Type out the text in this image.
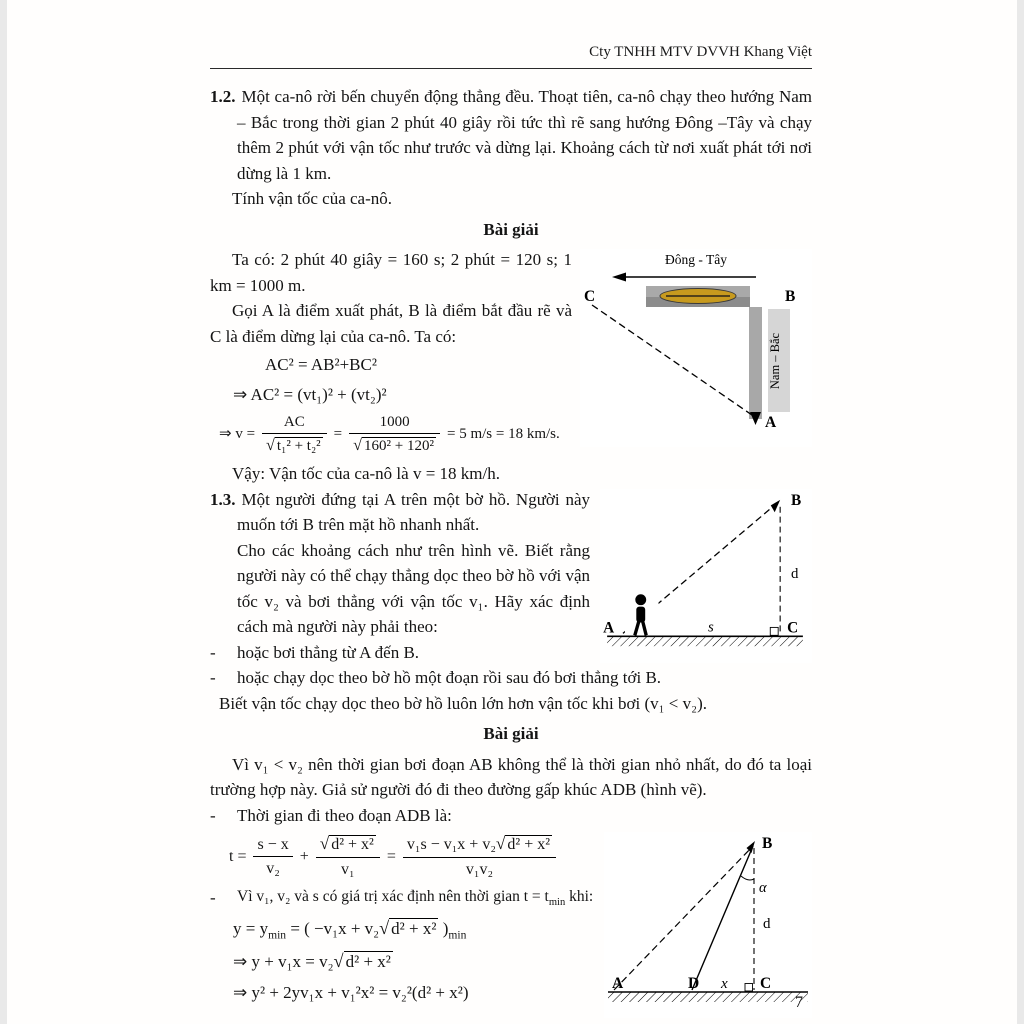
Cty TNHH MTV DVVH Khang Việt

1.2. Một ca-nô rời bến chuyển động thẳng đều. Thoạt tiên, ca-nô chạy theo hướng Nam – Bắc trong thời gian 2 phút 40 giây rồi tức thì rẽ sang hướng Đông –Tây và chạy thêm 2 phút với vận tốc như trước và dừng lại. Khoảng cách từ nơi xuất phát tới nơi dừng là 1 km.

Tính vận tốc của ca-nô.

Bài giải

Đông - Tây
C	B
Nam – Bắc
A

Ta có: 2 phút 40 giây = 160 s; 2 phút = 120 s; 1 km = 1000 m.

Gọi A là điểm xuất phát, B là điểm bắt đầu rẽ và C là điểm dừng lại của ca-nô. Ta có:

AC² = AB²+BC²

⇒ AC² = (vt₁)² + (vt₂)²

⇒ $v = \frac{AC}{\text{√ t₁² + t₂²}} = \frac{1000}{\text{√ 160² + 120²}} = 5$ m/s = 18 km/s.

Vậy: Vận tốc của ca-nô là v = 18 km/h.

B
d
A	s	C

1.3. Một người đứng tại A trên một bờ hồ. Người này muốn tới B trên mặt hồ nhanh nhất.
Cho các khoảng cách như trên hình vẽ. Biết rằng người này có thể chạy thẳng dọc theo bờ hồ với vận tốc v₂ và bơi thẳng với vận tốc v₁. Hãy xác định cách mà người này phải theo:

-	hoặc bơi thẳng từ A đến B.
-	hoặc chạy dọc theo bờ hồ một đoạn rồi sau đó bơi thẳng tới B.

Biết vận tốc chạy dọc theo bờ hồ luôn lớn hơn vận tốc khi bơi (v₁ < v₂).

Bài giải

Vì v₁ < v₂ nên thời gian bơi đoạn AB không thể là thời gian nhỏ nhất, do đó ta loại trường hợp này. Giả sử người đó đi theo đường gấp khúc ADB (hình vẽ).

-	Thời gian đi theo đoạn ADB là:
B
α
d
A	D x C
$t = \frac{s - x}{\text{v₂}} + \frac{\text{√ d² + x²}}{\text{v₁}} = \frac{\text{v₁s − v₁x + v₂√ d² + x²}}{\text{v₁v₂}}$
-	Vì v₁, v₂ và s có giá trị xác định nên thời gian $t = t_{min}$ khi:

$y = y_{min}$ = ( −v₁x + v₂√ d² + x² )$_{min}$

⇒ y + v₁x = v₂√ d² + x²

⇒ y² + 2yv₁x + v₁²x² = v₂²(d² + x²)

7
